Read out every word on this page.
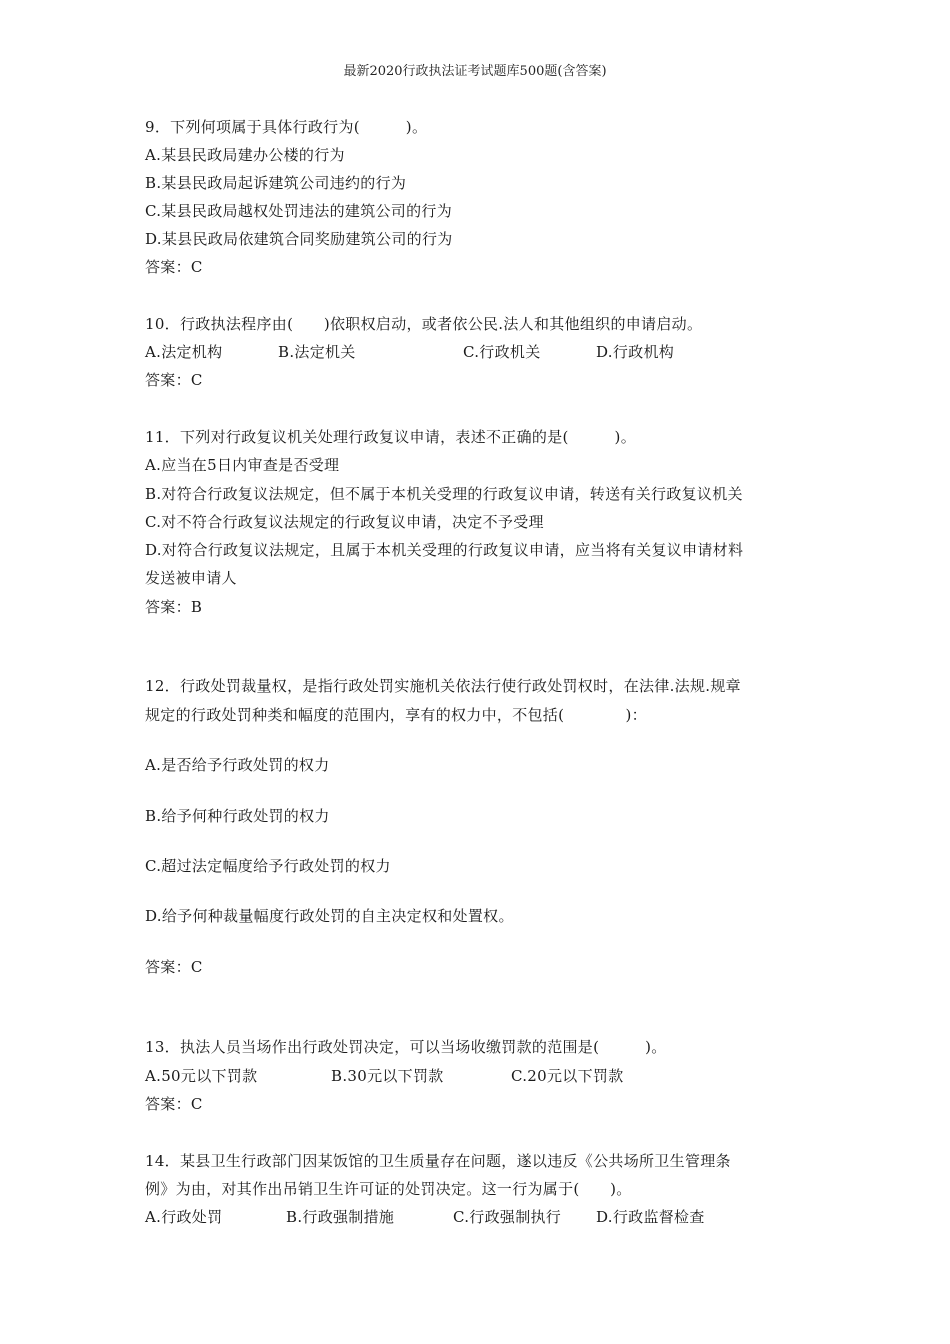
最新2020行政执法证考试题库500题(含答案)
9．下列何项属于具体行政行为(　　　)。
A.某县民政局建办公楼的行为
B.某县民政局起诉建筑公司违约的行为
C.某县民政局越权处罚违法的建筑公司的行为
D.某县民政局依建筑合同奖励建筑公司的行为
答案：C
10．行政执法程序由(　　)依职权启动，或者依公民.法人和其他组织的申请启动。
A.法定机构	B.法定机关	C.行政机关	D.行政机构
答案：C
11．下列对行政复议机关处理行政复议申请，表述不正确的是(　　　)。
A.应当在5日内审查是否受理
B.对符合行政复议法规定，但不属于本机关受理的行政复议申请，转送有关行政复议机关
C.对不符合行政复议法规定的行政复议申请，决定不予受理
D.对符合行政复议法规定，且属于本机关受理的行政复议申请，应当将有关复议申请材料
发送被申请人
答案：B
12．行政处罚裁量权，是指行政处罚实施机关依法行使行政处罚权时，在法律.法规.规章
规定的行政处罚种类和幅度的范围内，享有的权力中，不包括(　　　　)：
A.是否给予行政处罚的权力
B.给予何种行政处罚的权力
C.超过法定幅度给予行政处罚的权力
D.给予何种裁量幅度行政处罚的自主决定权和处置权。
答案：C
13．执法人员当场作出行政处罚决定，可以当场收缴罚款的范围是(　　　)。
A.50元以下罚款	B.30元以下罚款	C.20元以下罚款
答案：C
14．某县卫生行政部门因某饭馆的卫生质量存在问题，遂以违反《公共场所卫生管理条
例》为由，对其作出吊销卫生许可证的处罚决定。这一行为属于(　　)。
A.行政处罚	B.行政强制措施	C.行政强制执行 D.行政监督检查
